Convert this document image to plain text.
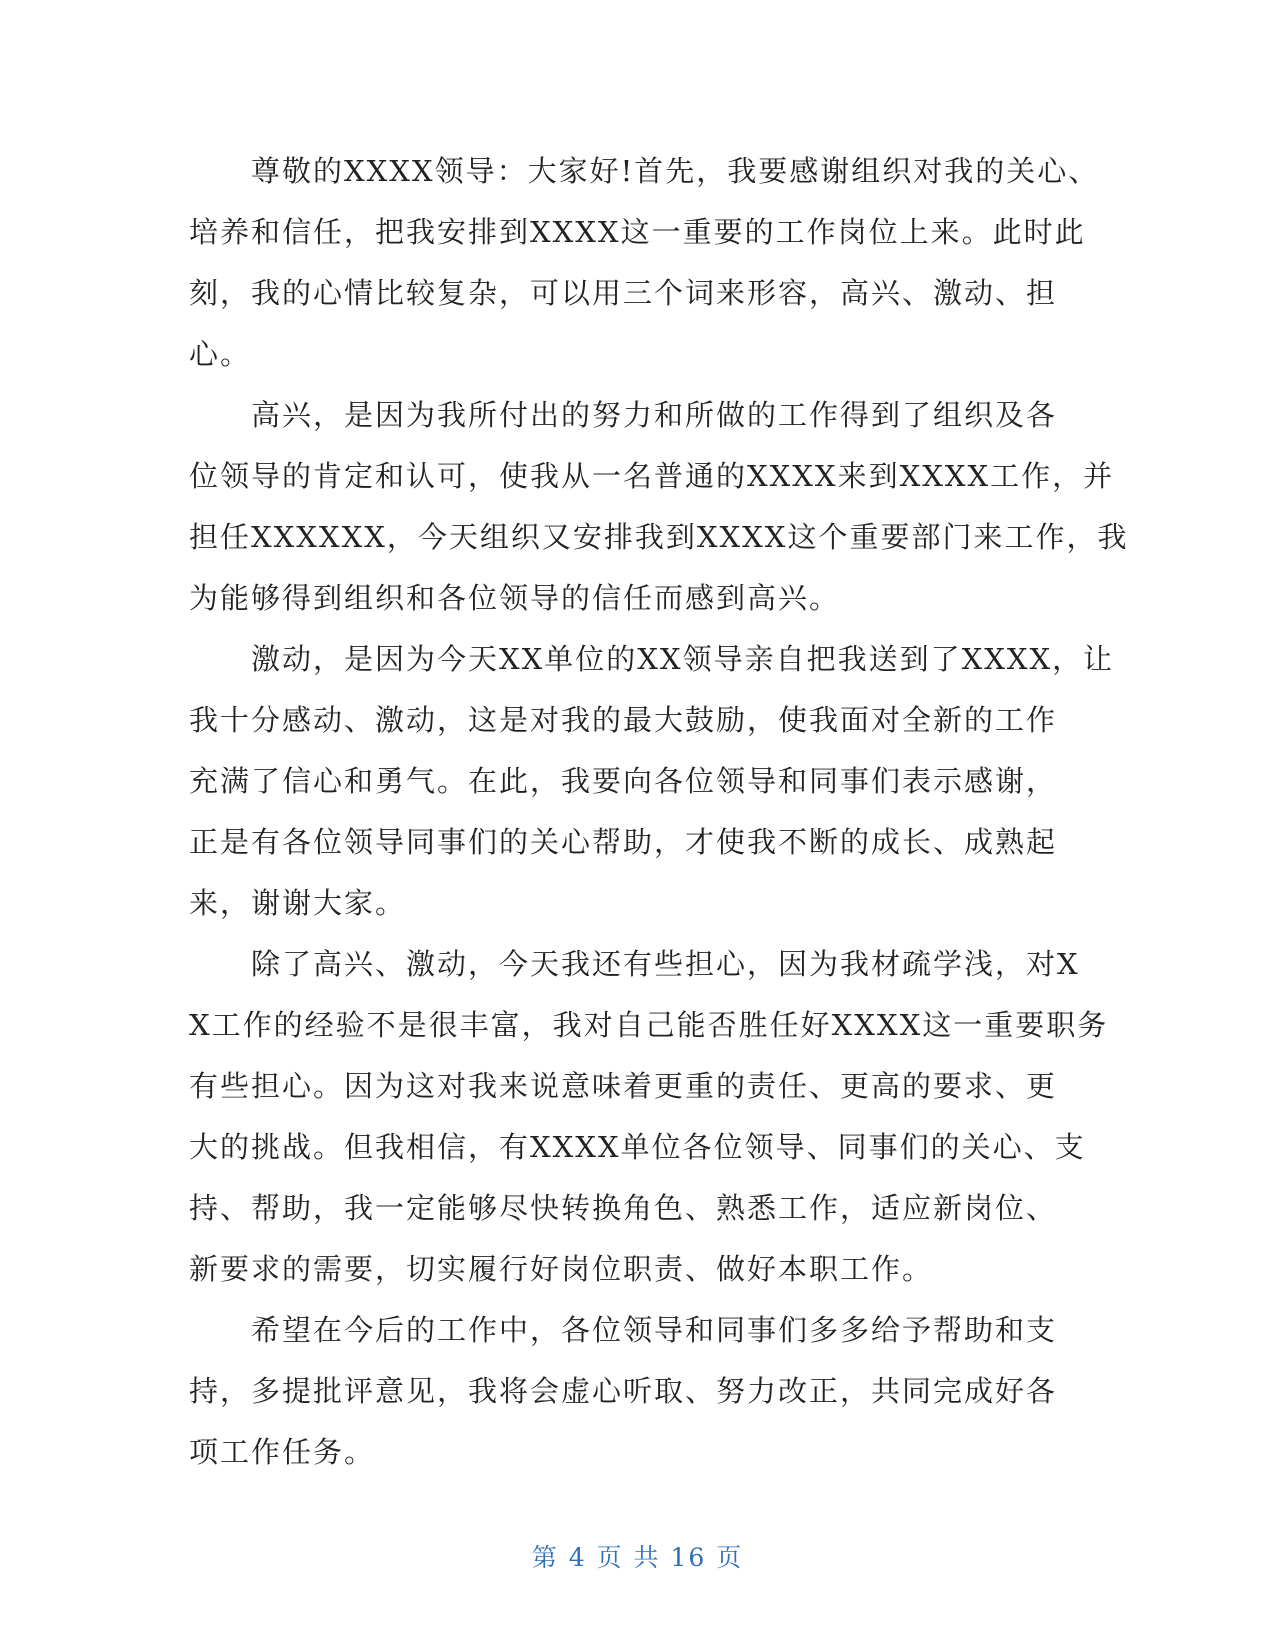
尊敬的XXXX领导：大家好!首先，我要感谢组织对我的关心、
培养和信任，把我安排到XXXX这一重要的工作岗位上来。此时此
刻，我的心情比较复杂，可以用三个词来形容，高兴、激动、担
心。
高兴，是因为我所付出的努力和所做的工作得到了组织及各
位领导的肯定和认可，使我从一名普通的XXXX来到XXXX工作，并
担任XXXXXX，今天组织又安排我到XXXX这个重要部门来工作，我
为能够得到组织和各位领导的信任而感到高兴。
激动，是因为今天XX单位的XX领导亲自把我送到了XXXX，让
我十分感动、激动，这是对我的最大鼓励，使我面对全新的工作
充满了信心和勇气。在此，我要向各位领导和同事们表示感谢，
正是有各位领导同事们的关心帮助，才使我不断的成长、成熟起
来，谢谢大家。
除了高兴、激动，今天我还有些担心，因为我材疏学浅，对X
X工作的经验不是很丰富，我对自己能否胜任好XXXX这一重要职务
有些担心。因为这对我来说意味着更重的责任、更高的要求、更
大的挑战。但我相信，有XXXX单位各位领导、同事们的关心、支
持、帮助，我一定能够尽快转换角色、熟悉工作，适应新岗位、
新要求的需要，切实履行好岗位职责、做好本职工作。
希望在今后的工作中，各位领导和同事们多多给予帮助和支
持，多提批评意见，我将会虚心听取、努力改正，共同完成好各
项工作任务。
第 4 页 共 16 页
